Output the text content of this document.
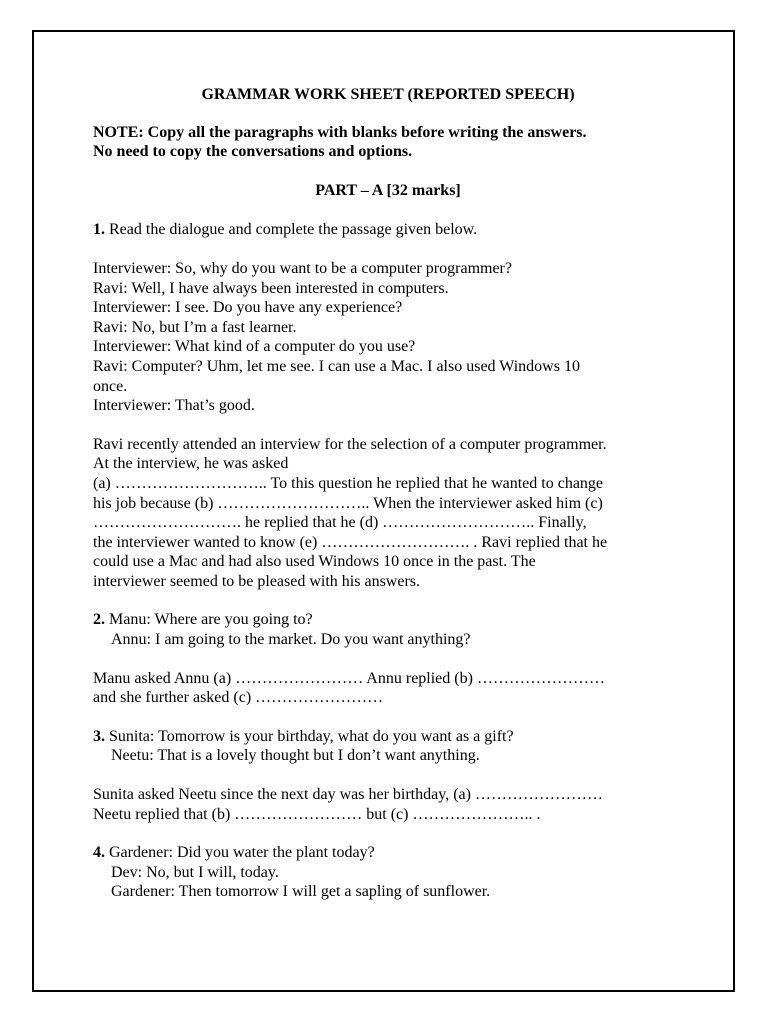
GRAMMAR WORK SHEET (REPORTED SPEECH)

NOTE: Copy all the paragraphs with blanks before writing the answers.

No need to copy the conversations and options.

PART – A [32 marks]

1. Read the dialogue and complete the passage given below.

Interviewer: So, why do you want to be a computer programmer?

Ravi: Well, I have always been interested in computers.

Interviewer: I see. Do you have any experience?

Ravi: No, but I’m a fast learner.

Interviewer: What kind of a computer do you use?

Ravi: Computer? Uhm, let me see. I can use a Mac. I also used Windows 10

once.

Interviewer: That’s good.

Ravi recently attended an interview for the selection of a computer programmer.

At the interview, he was asked

(a) ……………………….. To this question he replied that he wanted to change

his job because (b) ……………………….. When the interviewer asked him (c)

………………………. he replied that he (d) ……………………….. Finally,

the interviewer wanted to know (e) ………………………. . Ravi replied that he

could use a Mac and had also used Windows 10 once in the past. The

interviewer seemed to be pleased with his answers.

2. Manu: Where are you going to?

Annu: I am going to the market. Do you want anything?

Manu asked Annu (a) …………………… Annu replied (b) ……………………

and she further asked (c) ……………………

3. Sunita: Tomorrow is your birthday, what do you want as a gift?

Neetu: That is a lovely thought but I don’t want anything.

Sunita asked Neetu since the next day was her birthday, (a) ……………………

Neetu replied that (b) …………………… but (c) ………………….. .

4. Gardener: Did you water the plant today?

Dev: No, but I will, today.

Gardener: Then tomorrow I will get a sapling of sunflower.
